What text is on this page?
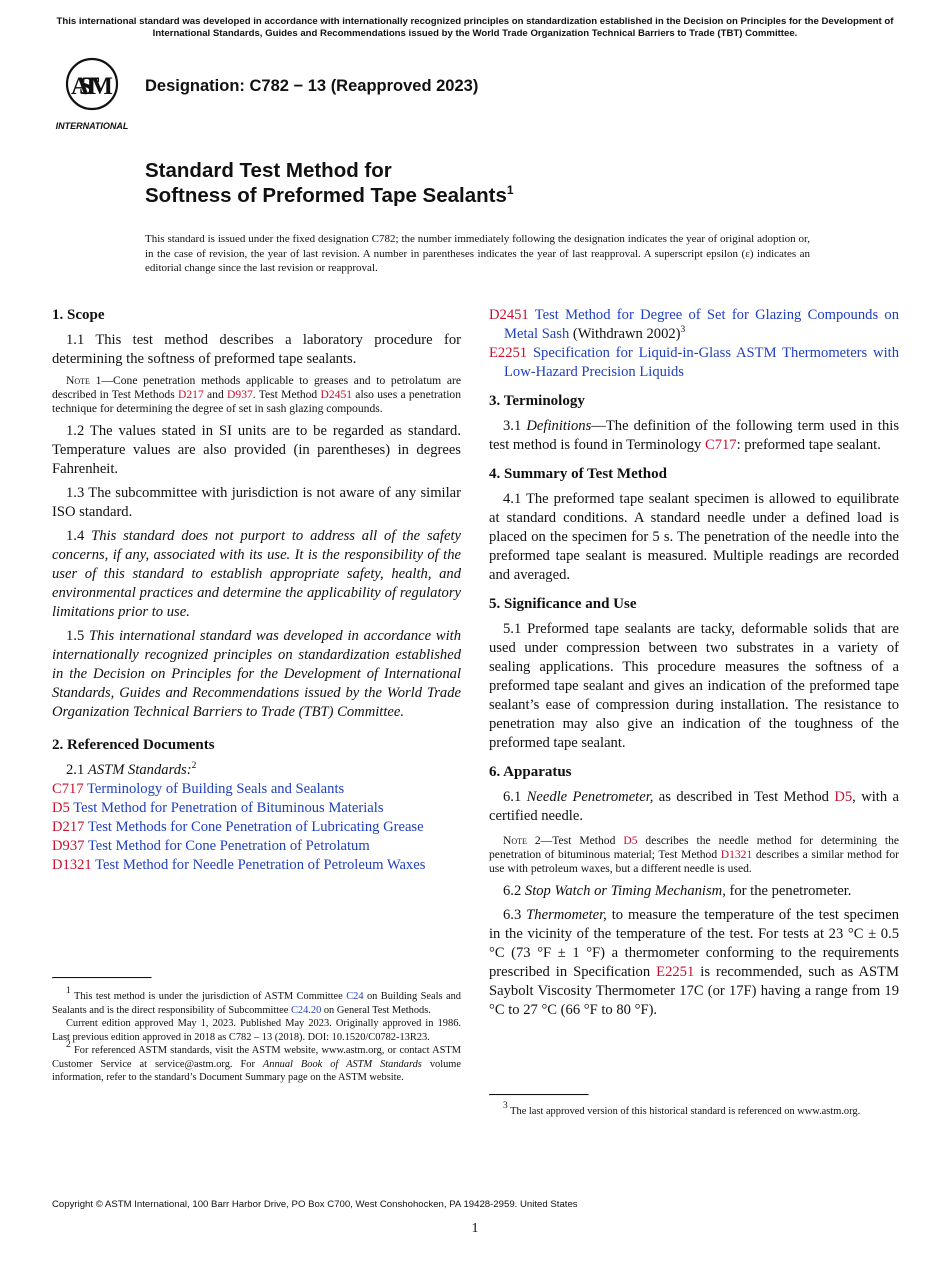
This international standard was developed in accordance with internationally recognized principles on standardization established in the Decision on Principles for the Development of International Standards, Guides and Recommendations issued by the World Trade Organization Technical Barriers to Trade (TBT) Committee.
ASTM
INTERNATIONAL
Designation: C782 − 13 (Reapproved 2023)
Standard Test Method for
Softness of Preformed Tape Sealants$^1$
This standard is issued under the fixed designation C782; the number immediately following the designation indicates the year of original adoption or, in the case of revision, the year of last revision. A number in parentheses indicates the year of last reapproval. A superscript epsilon (ε) indicates an editorial change since the last revision or reapproval.
1. Scope

1.1 This test method describes a laboratory procedure for determining the softness of preformed tape sealants.

Note 1—Cone penetration methods applicable to greases and to petrolatum are described in Test Methods D217 and D937. Test Method D2451 also uses a penetration technique for determining the degree of set in sash glazing compounds.

1.2 The values stated in SI units are to be regarded as standard. Temperature values are also provided (in parentheses) in degrees Fahrenheit.

1.3 The subcommittee with jurisdiction is not aware of any similar ISO standard.

1.4 This standard does not purport to address all of the safety concerns, if any, associated with its use. It is the responsibility of the user of this standard to establish appropriate safety, health, and environmental practices and determine the applicability of regulatory limitations prior to use.

1.5 This international standard was developed in accordance with internationally recognized principles on standardization established in the Decision on Principles for the Development of International Standards, Guides and Recommendations issued by the World Trade Organization Technical Barriers to Trade (TBT) Committee.

2. Referenced Documents

2.1 ASTM Standards:$^2$

C717 Terminology of Building Seals and Sealants

D5 Test Method for Penetration of Bituminous Materials

D217 Test Methods for Cone Penetration of Lubricating Grease

D937 Test Method for Cone Penetration of Petrolatum

D1321 Test Method for Needle Penetration of Petroleum Waxes

1 This test method is under the jurisdiction of ASTM Committee C24 on Building Seals and Sealants and is the direct responsibility of Subcommittee C24.20 on General Test Methods.

Current edition approved May 1, 2023. Published May 2023. Originally approved in 1986. Last previous edition approved in 2018 as C782 – 13 (2018). DOI: 10.1520/C0782-13R23.

2 For referenced ASTM standards, visit the ASTM website, www.astm.org, or contact ASTM Customer Service at service@astm.org. For Annual Book of ASTM Standards volume information, refer to the standard’s Document Summary page on the ASTM website.

D2451 Test Method for Degree of Set for Glazing Compounds on Metal Sash (Withdrawn 2002)$^3$

E2251 Specification for Liquid-in-Glass ASTM Thermometers with Low-Hazard Precision Liquids

3. Terminology

3.1 Definitions—The definition of the following term used in this test method is found in Terminology C717: preformed tape sealant.

4. Summary of Test Method

4.1 The preformed tape sealant specimen is allowed to equilibrate at standard conditions. A standard needle under a defined load is placed on the specimen for 5 s. The penetration of the needle into the preformed tape sealant is measured. Multiple readings are recorded and averaged.

5. Significance and Use

5.1 Preformed tape sealants are tacky, deformable solids that are used under compression between two substrates in a variety of sealing applications. This procedure measures the softness of a preformed tape sealant and gives an indication of the preformed tape sealant’s ease of compression during installation. The resistance to penetration may also give an indication of the toughness of the preformed tape sealant.

6. Apparatus

6.1 Needle Penetrometer, as described in Test Method D5, with a certified needle.

Note 2—Test Method D5 describes the needle method for determining the penetration of bituminous material; Test Method D1321 describes a similar method for use with petroleum waxes, but a different needle is used.

6.2 Stop Watch or Timing Mechanism, for the penetrometer.

6.3 Thermometer, to measure the temperature of the test specimen in the vicinity of the temperature of the test. For tests at 23 °C ± 0.5 °C (73 °F ± 1 °F) a thermometer conforming to the requirements prescribed in Specification E2251 is recommended, such as ASTM Saybolt Viscosity Thermometer 17C (or 17F) having a range from 19 °C to 27 °C (66 °F to 80 °F).

3 The last approved version of this historical standard is referenced on www.astm.org.

Copyright © ASTM International, 100 Barr Harbor Drive, PO Box C700, West Conshohocken, PA 19428-2959. United States
1
